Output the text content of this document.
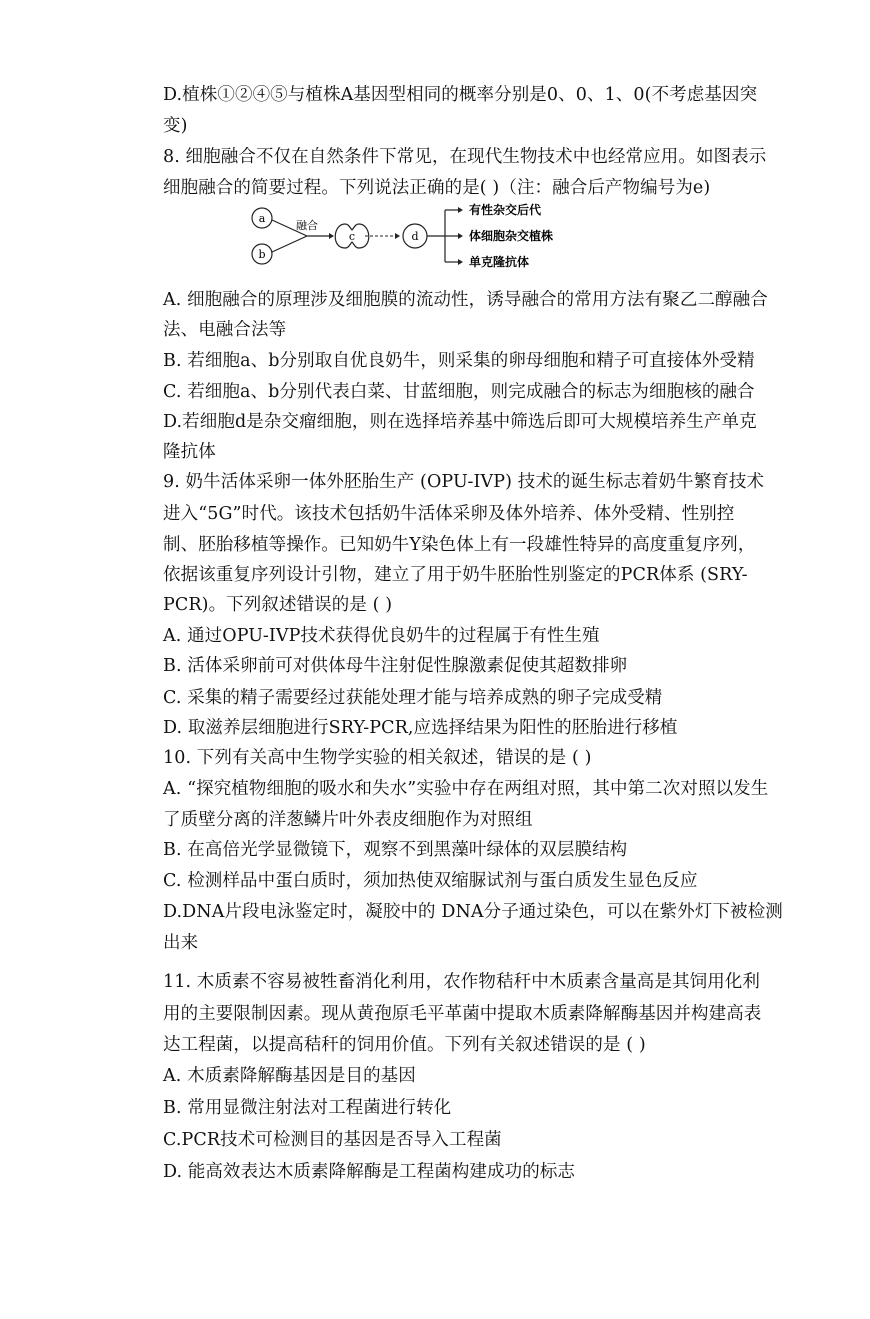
D.植株①②④⑤与植株A基因型相同的概率分别是0、0、1、0(不考虑基因突
变)
8. 细胞融合不仅在自然条件下常见，在现代生物技术中也经常应用。如图表示
细胞融合的简要过程。下列说法正确的是( )（注：融合后产物编号为e)
a
b
融合
c	d
有性杂交后代
体细胞杂交植株
单克隆抗体
A. 细胞融合的原理涉及细胞膜的流动性，诱导融合的常用方法有聚乙二醇融合
法、电融合法等
B. 若细胞a、b分别取自优良奶牛，则采集的卵母细胞和精子可直接体外受精
C. 若细胞a、b分别代表白菜、甘蓝细胞，则完成融合的标志为细胞核的融合
D.若细胞d是杂交瘤细胞，则在选择培养基中筛选后即可大规模培养生产单克
隆抗体
9. 奶牛活体采卵一体外胚胎生产 (OPU-IVP) 技术的诞生标志着奶牛繁育技术
进入“5G”时代。该技术包括奶牛活体采卵及体外培养、体外受精、性别控
制、胚胎移植等操作。已知奶牛Y染色体上有一段雄性特异的高度重复序列，
依据该重复序列设计引物，建立了用于奶牛胚胎性别鉴定的PCR体系 (SRY-
PCR)。下列叙述错误的是 ( )
A. 通过OPU-IVP技术获得优良奶牛的过程属于有性生殖
B. 活体采卵前可对供体母牛注射促性腺激素促使其超数排卵
C. 采集的精子需要经过获能处理才能与培养成熟的卵子完成受精
D. 取滋养层细胞进行SRY-PCR,应选择结果为阳性的胚胎进行移植
10. 下列有关高中生物学实验的相关叙述，错误的是 ( )
A. “探究植物细胞的吸水和失水”实验中存在两组对照，其中第二次对照以发生
了质壁分离的洋葱鳞片叶外表皮细胞作为对照组
B. 在高倍光学显微镜下，观察不到黑藻叶绿体的双层膜结构
C. 检测样品中蛋白质时，须加热使双缩脲试剂与蛋白质发生显色反应
D.DNA片段电泳鉴定时，凝胶中的 DNA分子通过染色，可以在紫外灯下被检测
出来
11. 木质素不容易被牲畜消化利用，农作物秸秆中木质素含量高是其饲用化利
用的主要限制因素。现从黄孢原毛平革菌中提取木质素降解酶基因并构建高表
达工程菌，以提高秸秆的饲用价值。下列有关叙述错误的是 ( )
A. 木质素降解酶基因是目的基因
B. 常用显微注射法对工程菌进行转化
C.PCR技术可检测目的基因是否导入工程菌
D. 能高效表达木质素降解酶是工程菌构建成功的标志
